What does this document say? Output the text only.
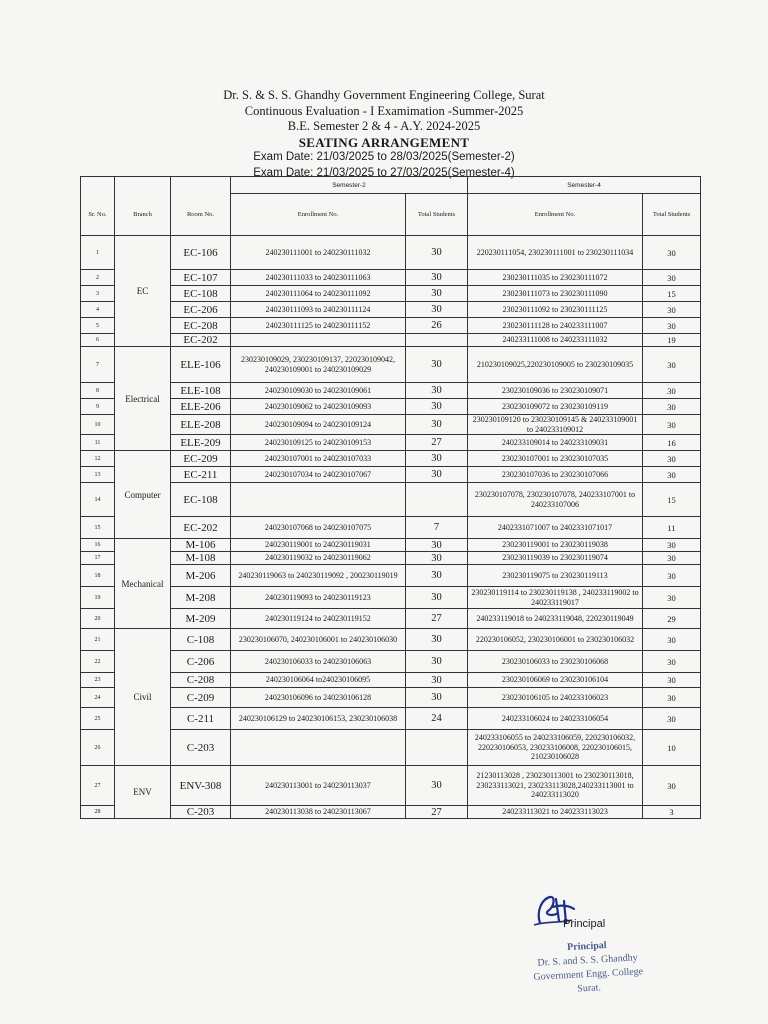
Dr. S. & S. S. Ghandhy Government Engineering College, Surat
Continuous Evaluation - I Examimation -Summer-2025
B.E. Semester 2 & 4 - A.Y. 2024-2025
SEATING ARRANGEMENT
Exam Date: 21/03/2025 to 28/03/2025(Semester-2)
Exam Date: 21/03/2025 to 27/03/2025(Semester-4)
			Semester-2		Semester-4	
Sr. No.	Branch	Room No.	Enrollment No.	Total Students	Enrollment No.	Total Students
1	EC	EC-106	240230111001 to 240230111032	30	220230111054, 230230111001 to 230230111034	30
2		EC-107	240230111033 to 240230111063	30	230230111035 to 230230111072	30
3		EC-108	240230111064 to 240230111092	30	230230111073 to 230230111090	15
4		EC-206	240230111093 to 240230111124	30	230230111092 to 230230111125	30
5		EC-208	240230111125 to 240230111152	26	230230111128 to 240233111007	30
6		EC-202			240233111008 to 240233111032	19
7	Electrical	ELE-106	230230109029, 230230109137, 220230109042, 240230109001 to 240230109029	30	210230109025,220230109005 to 230230109035	30
8		ELE-108	240230109030 to 240230109061	30	230230109036 to 230230109071	30
9		ELE-206	240230109062 to 240230109093	30	230230109072 to 230230109119	30
10		ELE-208	240230109094 to 240230109124	30	230230109120 to 230230109145 & 240233109001 to 240233109012	30
11		ELE-209	240230109125 to 240230109153	27	240233109014 to 240233109031	16
12	Computer	EC-209	240230107001 to 240230107033	30	230230107001 to 230230107035	30
13		EC-211	240230107034 to 240230107067	30	230230107036 to 230230107066	30
14		EC-108			230230107078, 230230107078, 240233107001 to 240233107006	15
15		EC-202	240230107068 to 240230107075	7	2402331071007 to 2402331071017	11
16	Mechanical	M-106	240230119001 to 240230119031	30	230230119001 to 230230119038	30
17		M-108	240230119032 to 240230119062	30	230230119039 to 230230119074	30
18		M-206	240230119063 to 240230119092 , 200230119019	30	230230119075 to 230230119113	30
19		M-208	240230119093 to 240230119123	30	230230119114 to 230230119138 , 240233119002 to 240233119017	30
20		M-209	240230119124 to 240230119152	27	240233119018 to 240233119048, 220230119049	29
21	Civil	C-108	230230106070, 240230106001 to 240230106030	30	220230106052, 230230106001 to 230230106032	30
22		C-206	240230106033 to 240230106063	30	230230106033 to 230230106068	30
23		C-208	240230106064 to240230106095	30	230230106069 to 230230106104	30
24		C-209	240230106096 to 240230106128	30	230230106105 to 240233106023	30
25		C-211	240230106129 to 240230106153, 230230106038	24	240233106024 to 240233106054	30
26		C-203			240233106055 to 240233106059, 220230106032, 220230106053, 230233106008, 220230106015, 210230106028	10
27	ENV	ENV-308	240230113001 to 240230113037	30	21230113028 , 230230113001 to 230230113018, 230233113021, 230233113028,240233113001 to 240233113020	30
28		C-203	240230113038 to 240230113067	27	240233113021 to 240233113023	3
Principal
Principal
Dr. S. and S. S. Ghandhy
Government Engg. College
Surat.
